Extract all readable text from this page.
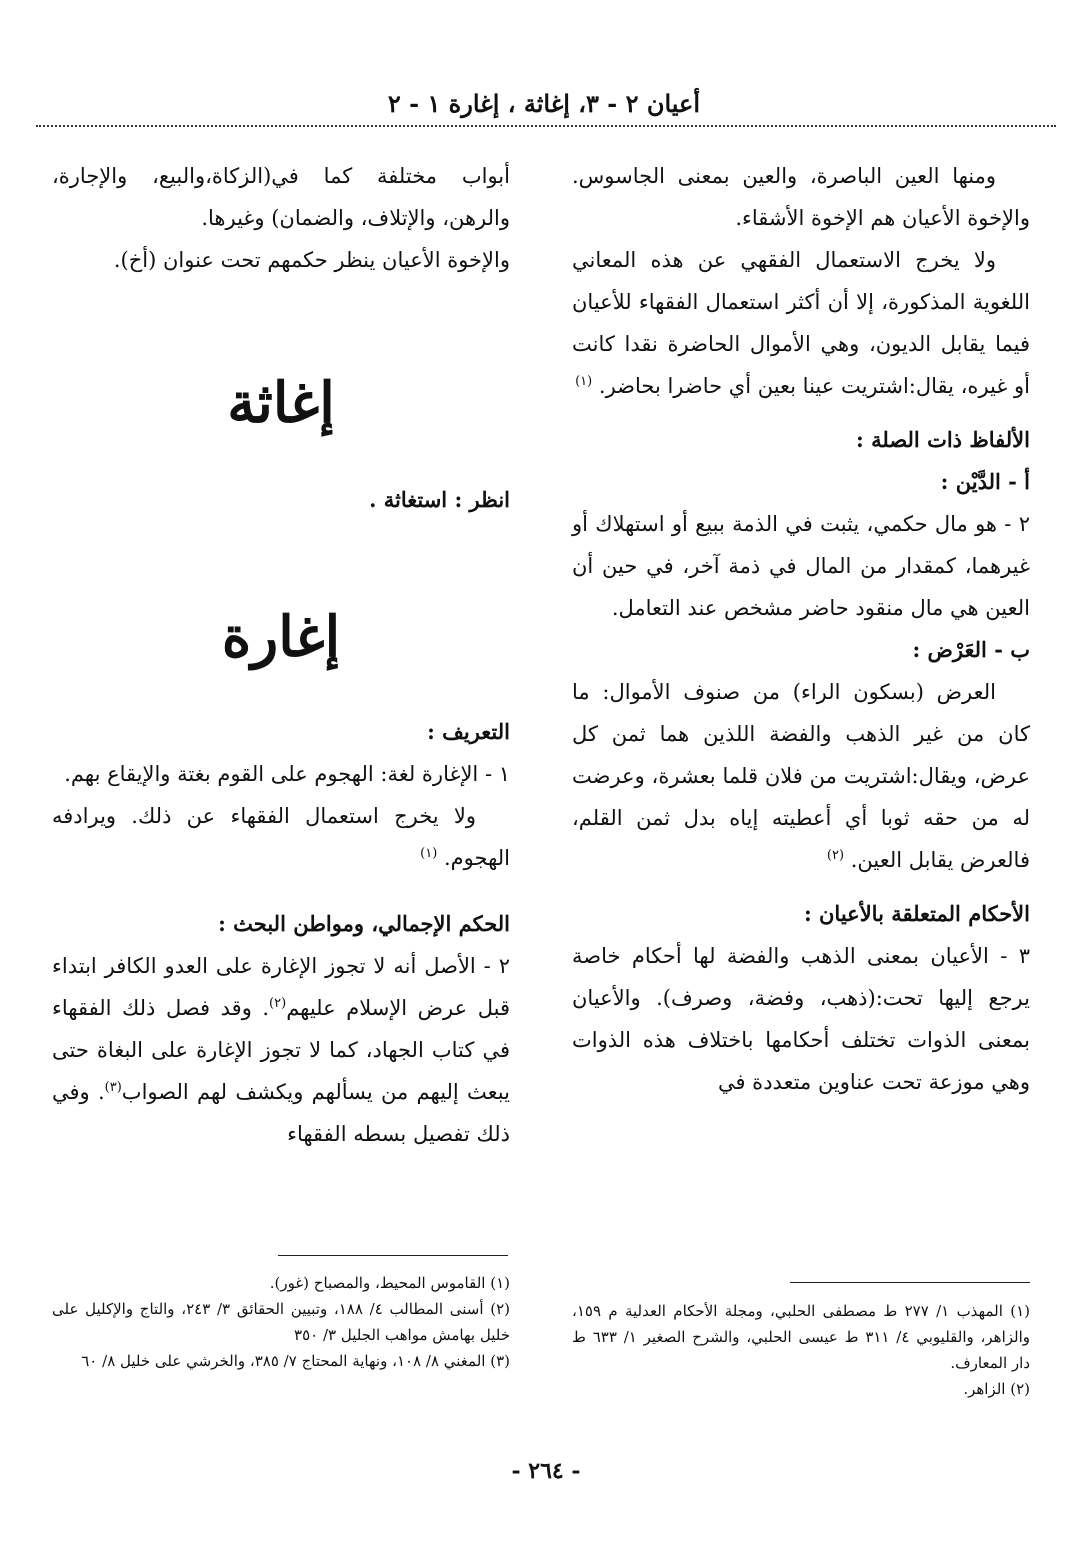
أعيان ٢ - ٣، إغاثة ، إغارة ١ - ٢

ومنها العين الباصرة، والعين بمعنى الجاسوس. والإخوة الأعيان هم الإخوة الأشقاء.

ولا يخرج الاستعمال الفقهي عن هذه المعاني اللغوية المذكورة، إلا أن أكثر استعمال الفقهاء للأعيان فيما يقابل الديون، وهي الأموال الحاضرة نقدا كانت أو غيره، يقال:اشتريت عينا بعين أي حاضرا بحاضر. $^{(١)}$

الألفاظ ذات الصلة :

أ - الدَّيْن :

٢ - هو مال حكمي، يثبت في الذمة ببيع أو استهلاك أو غيرهما، كمقدار من المال في ذمة آخر، في حين أن العين هي مال منقود حاضر مشخص عند التعامل.

ب - العَرْض :

العرض (بسكون الراء) من صنوف الأموال: ما كان من غير الذهب والفضة اللذين هما ثمن كل عرض، ويقال:اشتريت من فلان قلما بعشرة، وعرضت له من حقه ثوبا أي أعطيته إياه بدل ثمن القلم، فالعرض يقابل العين. $^{(٢)}$

الأحكام المتعلقة بالأعيان :

٣ - الأعيان بمعنى الذهب والفضة لها أحكام خاصة يرجع إليها تحت:(ذهب، وفضة، وصرف). والأعيان بمعنى الذوات تختلف أحكامها باختلاف هذه الذوات وهي موزعة تحت عناوين متعددة في

أبواب مختلفة كما في(الزكاة،والبيع، والإجارة، والرهن، والإتلاف، والضمان) وغيرها.

والإخوة الأعيان ينظر حكمهم تحت عنوان (أخ).

إغاثة

انظر : استغاثة .

إغارة

التعريف :

١ - الإغارة لغة: الهجوم على القوم بغتة والإيقاع بهم.

ولا يخرج استعمال الفقهاء عن ذلك. ويرادفه الهجوم. $^{(١)}$

الحكم الإجمالي، ومواطن البحث :

٢ - الأصل أنه لا تجوز الإغارة على العدو الكافر ابتداء قبل عرض الإسلام عليهم$^{(٢)}$. وقد فصل ذلك الفقهاء في كتاب الجهاد، كما لا تجوز الإغارة على البغاة حتى يبعث إليهم من يسألهم ويكشف لهم الصواب$^{(٣)}$. وفي ذلك تفصيل بسطه الفقهاء

(١) المهذب ١/ ٢٧٧ ط مصطفى الحلبي، ومجلة الأحكام العدلية م ١٥٩، والزاهر، والقليوبي ٤/ ٣١١ ط عيسى الحلبي، والشرح الصغير ١/ ٦٣٣ ط دار المعارف.

(٢) الزاهر.

(١) القاموس المحيط، والمصباح (غور).

(٢) أسنى المطالب ٤/ ١٨٨، وتبيين الحقائق ٣/ ٢٤٣، والتاج والإكليل على خليل بهامش مواهب الجليل ٣/ ٣٥٠

(٣) المغني ٨/ ١٠٨، ونهاية المحتاج ٧/ ٣٨٥، والخرشي على خليل ٨/ ٦٠

- ٢٦٤ -
